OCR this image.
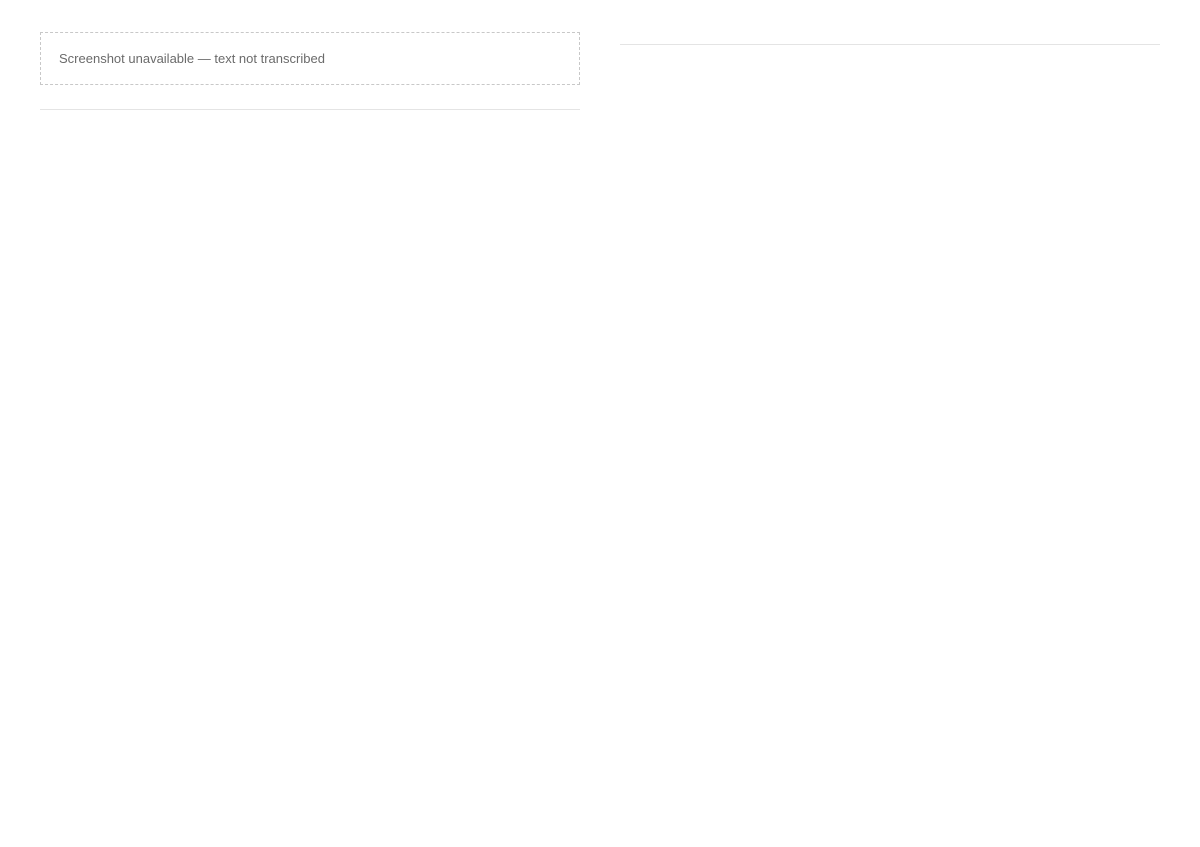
Screenshot unavailable — text not transcribed
